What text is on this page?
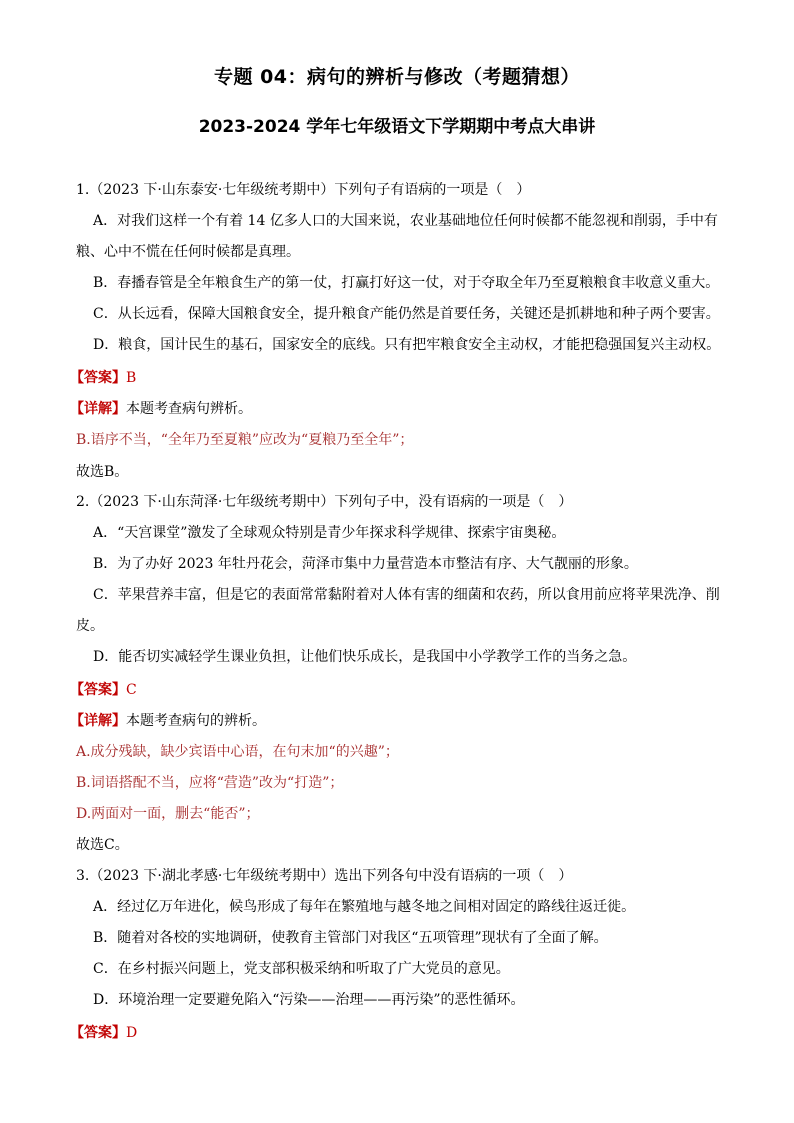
专题 04：病句的辨析与修改（考题猜想）
2023-2024 学年七年级语文下学期期中考点大串讲
1.（2023 下·山东泰安·七年级统考期中）下列句子有语病的一项是（　）
A．对我们这样一个有着 14 亿多人口的大国来说，农业基础地位任何时候都不能忽视和削弱，手中有
粮、心中不慌在任何时候都是真理。
B．春播春管是全年粮食生产的第一仗，打赢打好这一仗，对于夺取全年乃至夏粮粮食丰收意义重大。
C．从长远看，保障大国粮食安全，提升粮食产能仍然是首要任务，关键还是抓耕地和种子两个要害。
D．粮食，国计民生的基石，国家安全的底线。只有把牢粮食安全主动权，才能把稳强国复兴主动权。
【答案】B
【详解】本题考查病句辨析。
B.语序不当，“全年乃至夏粮”应改为“夏粮乃至全年”；
故选B。
2.（2023 下·山东菏泽·七年级统考期中）下列句子中，没有语病的一项是（　）
A．“天宫课堂”激发了全球观众特别是青少年探求科学规律、探索宇宙奥秘。
B．为了办好 2023 年牡丹花会，菏泽市集中力量营造本市整洁有序、大气靓丽的形象。
C．苹果营养丰富，但是它的表面常常黏附着对人体有害的细菌和农药，所以食用前应将苹果洗净、削
皮。
D．能否切实减轻学生课业负担，让他们快乐成长，是我国中小学教学工作的当务之急。
【答案】C
【详解】本题考查病句的辨析。
A.成分残缺，缺少宾语中心语，在句末加“的兴趣”；
B.词语搭配不当，应将“营造”改为“打造”；
D.两面对一面，删去“能否”；
故选C。
3.（2023 下·湖北孝感·七年级统考期中）选出下列各句中没有语病的一项（　）
A．经过亿万年进化，候鸟形成了每年在繁殖地与越冬地之间相对固定的路线往返迁徙。
B．随着对各校的实地调研，使教育主管部门对我区“五项管理”现状有了全面了解。
C．在乡村振兴问题上，党支部积极采纳和听取了广大党员的意见。
D．环境治理一定要避免陷入“污染——治理——再污染”的恶性循环。
【答案】D
